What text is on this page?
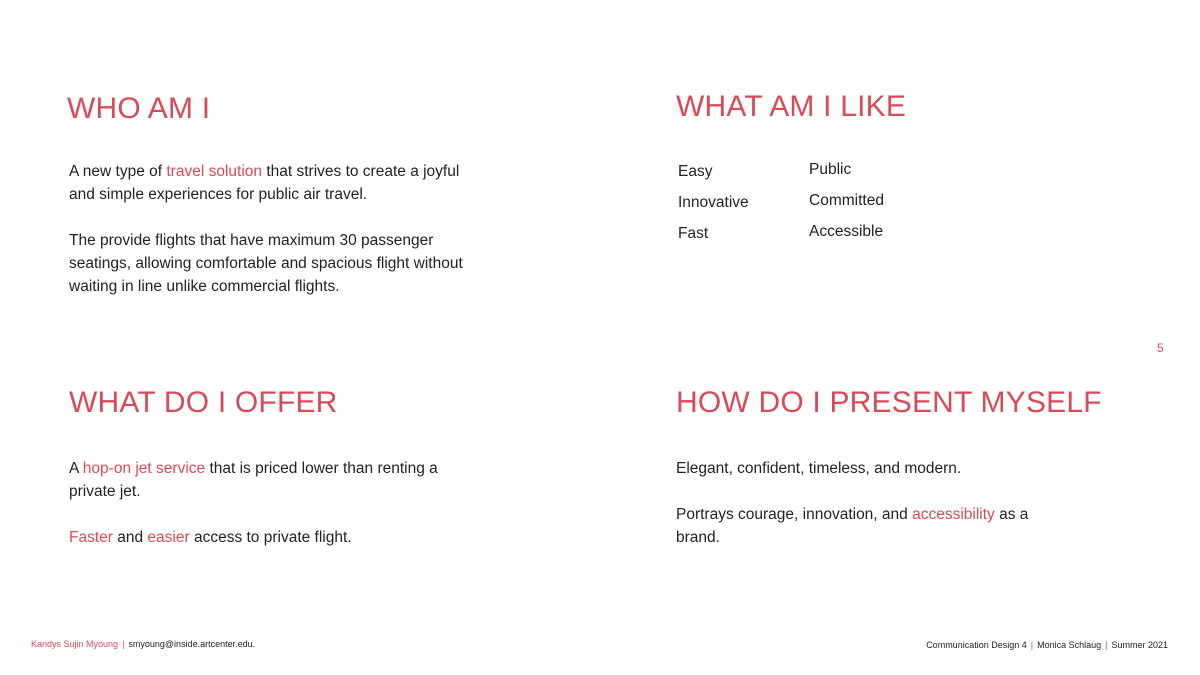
5
WHO AM I

A new type of travel solution that strives to create a joyful and simple experiences for public air travel.

The provide flights that have maximum 30 passenger seatings, allowing comfortable and spacious flight without waiting in line unlike commercial flights.

WHAT AM I LIKE
Easy
Innovative
Fast
Public
Committed
Accessible
WHAT DO I OFFER

A hop-on jet service that is priced lower than renting a private jet.

Faster and easier access to private flight.

HOW DO I PRESENT MYSELF

Elegant, confident, timeless, and modern.

Portrays courage, innovation, and accessibility as a brand.

Kandys Sujin Myoung | smyoung@inside.artcenter.edu.	Communication Design 4 | Monica Schlaug | Summer 2021
